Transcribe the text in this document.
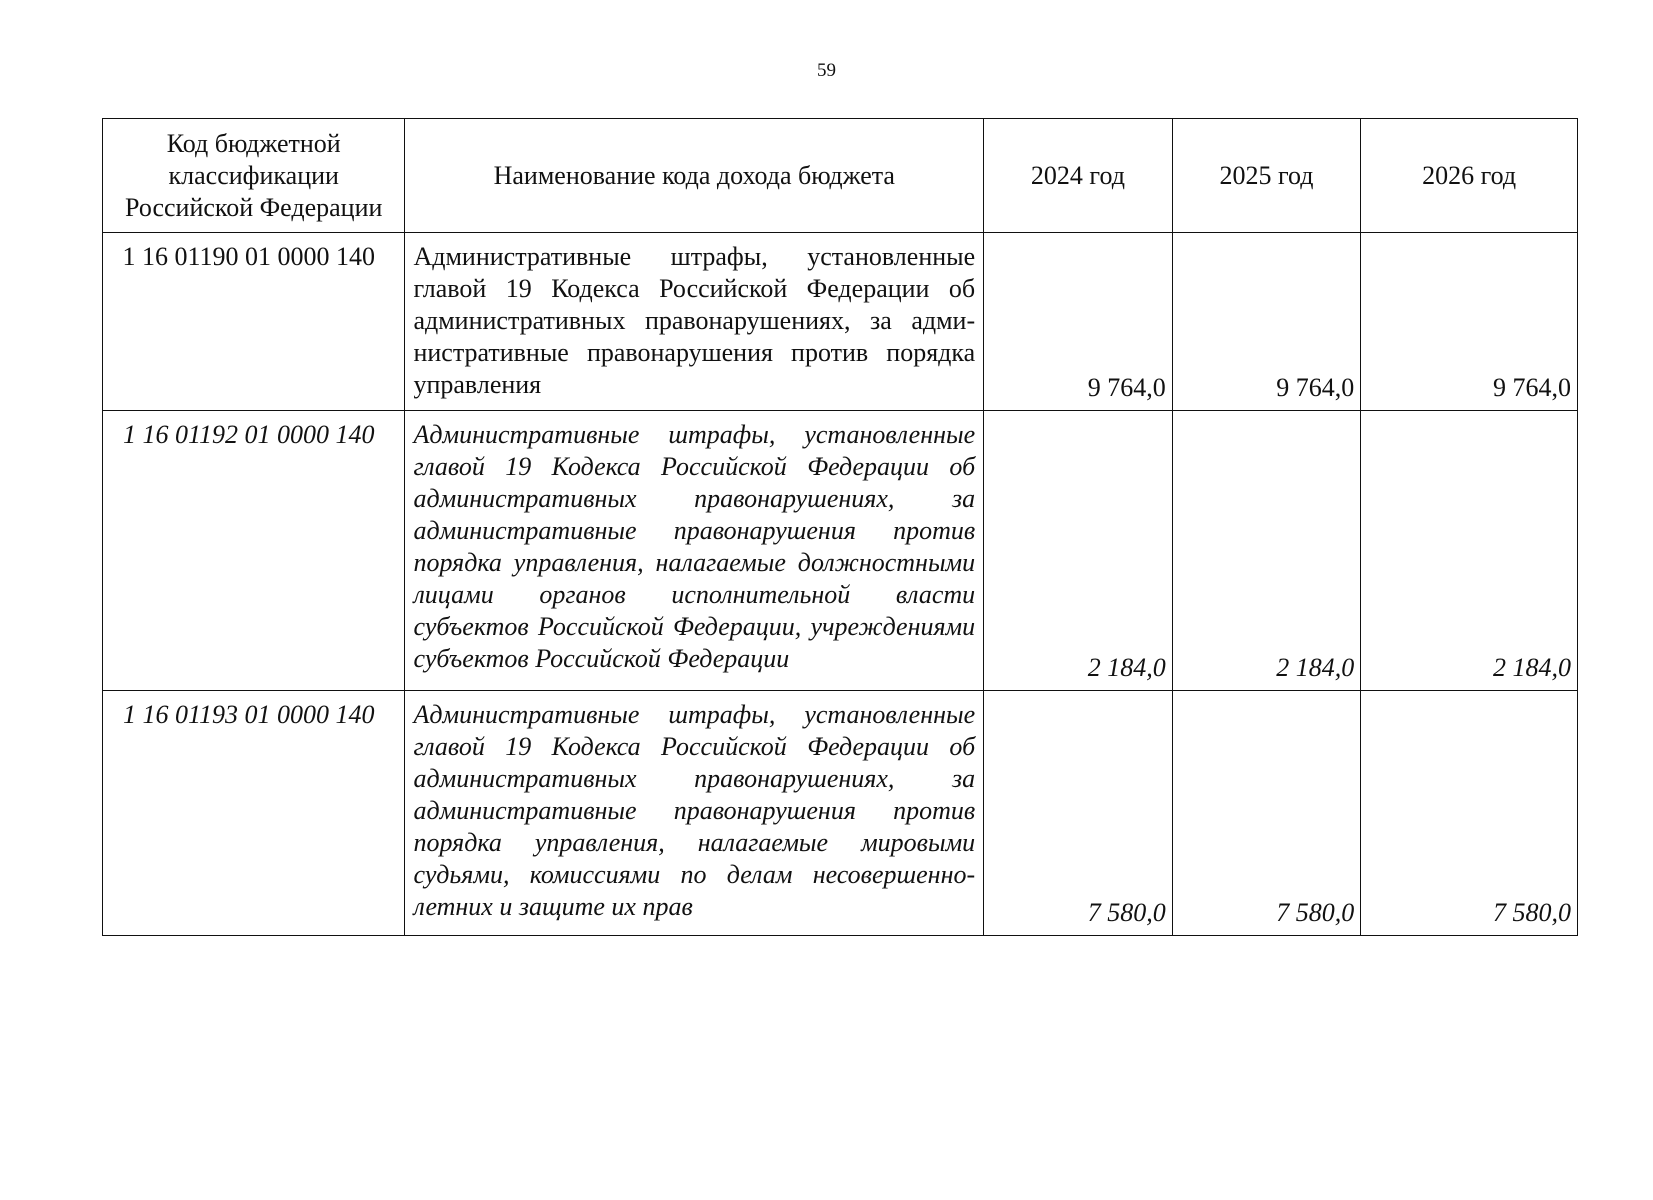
59
Код бюджетной классификации Российской Федерации	Наименование кода дохода бюджета	2024 год	2025 год	2026 год
1 16 01190 01 0000 140	Административные штрафы, установленные главой 19 Кодекса Российской Федерации об административных правонарушениях, за административные правонарушения против порядка управления	9 764,0	9 764,0	9 764,0
1 16 01192 01 0000 140	Административные штрафы, установленные главой 19 Кодекса Российской Федерации об административных правонарушениях, за административные правонарушения против порядка управления, налагаемые должностными лицами органов исполнительной власти субъектов Российской Федерации, учреждениями субъектов Российской Федерации	2 184,0	2 184,0	2 184,0
1 16 01193 01 0000 140	Административные штрафы, установленные главой 19 Кодекса Российской Федерации об административных правонарушениях, за административные правонарушения против порядка управления, налагаемые мировыми судьями, комиссиями по делам несовершеннолетних и защите их прав	7 580,0	7 580,0	7 580,0
